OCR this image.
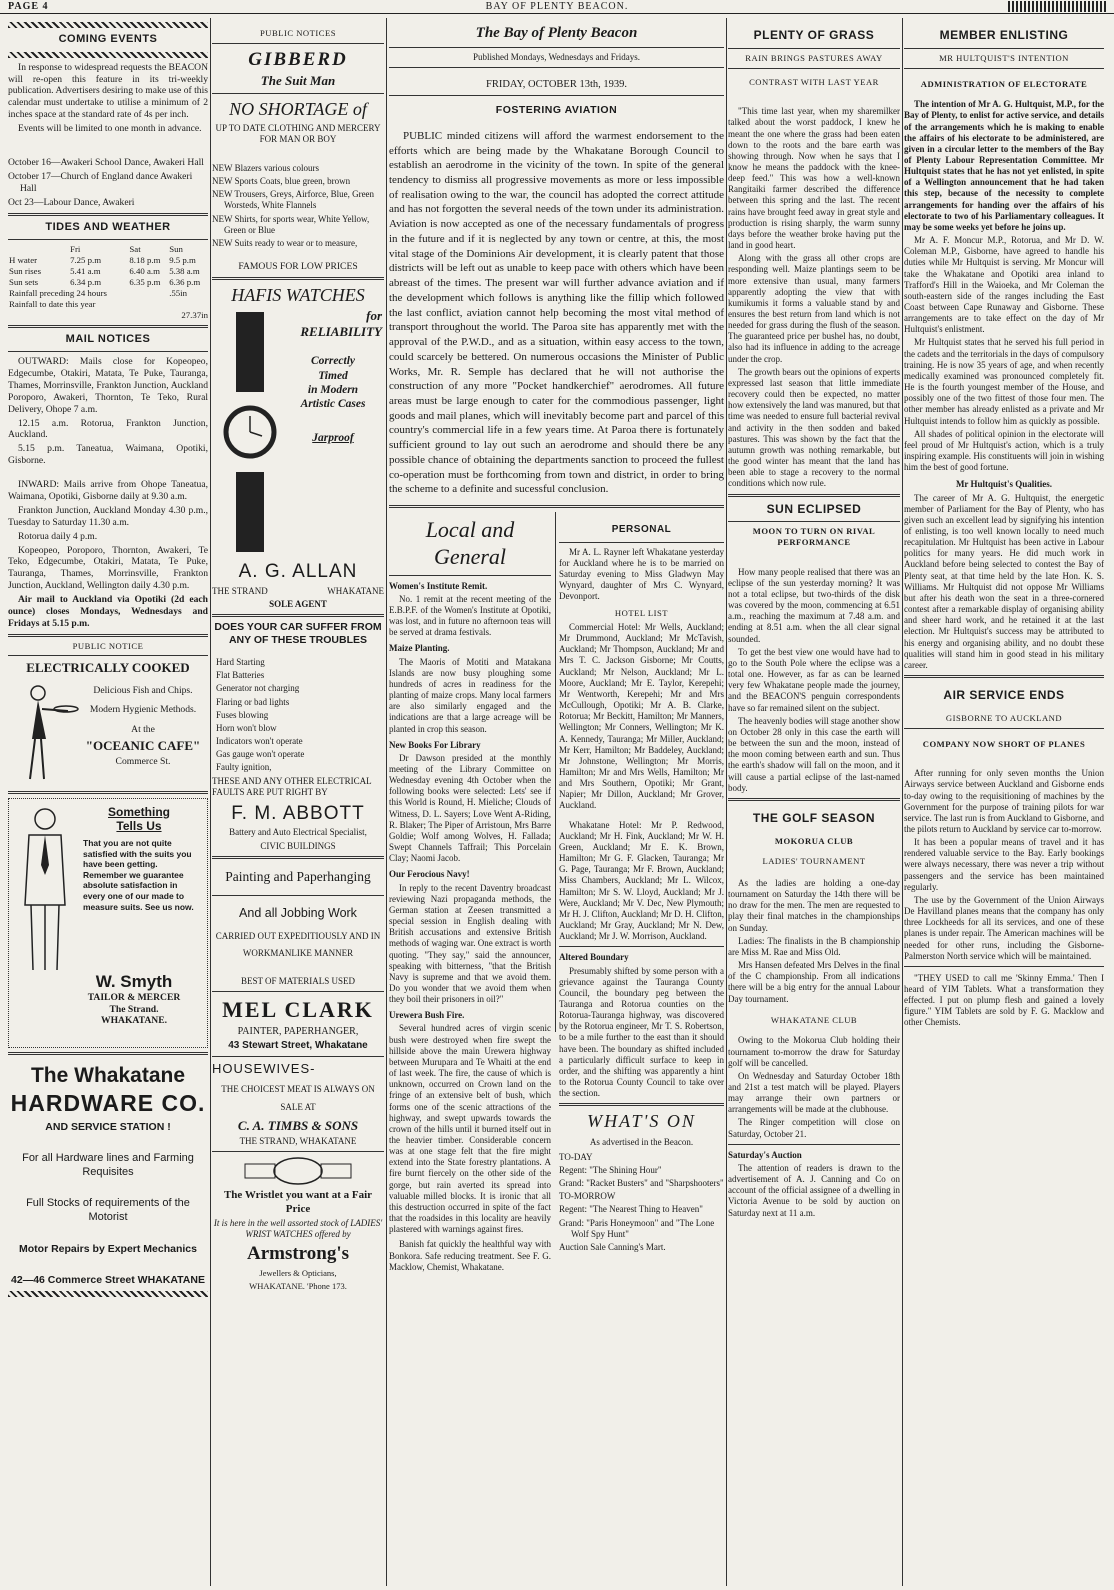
PAGE 4	BAY OF PLENTY BEACON.
COMING EVENTS
In response to widespread requests the BEACON will re-open this feature in its tri-weekly publication. Advertisers desiring to make use of this calendar must undertake to utilise a minimum of 2 inches space at the standard rate of 4s per inch.
Events will be limited to one month in advance.
October 16—Awakeri School Dance, Awakeri Hall
October 17—Church of England dance Awakeri Hall
Oct 23—Labour Dance, Awakeri
TIDES AND WEATHER
	Fri	Sat	Sun
H water	7.25 p.m	8.18 p.m	9.5 p.m
Sun rises	5.41 a.m	6.40 a.m	5.38 a.m
Sun sets	6.34 p.m	6.35 p.m	6.36 p.m
Rainfall preceding 24 hours			.55in
Rainfall to date this year			
27.37in
MAIL NOTICES
OUTWARD: Mails close for Kopeopeo, Edgecumbe, Otakiri, Matata, Te Puke, Tauranga, Thames, Morrinsville, Frankton Junction, Auckland Poroporo, Awakeri, Thornton, Te Teko, Rural Delivery, Ohope 7 a.m.
12.15 a.m. Rotorua, Frankton Junction, Auckland.
5.15 p.m. Taneatua, Waimana, Opotiki, Gisborne.
INWARD: Mails arrive from Ohope Taneatua, Waimana, Opotiki, Gisborne daily at 9.30 a.m.
Frankton Junction, Auckland Monday 4.30 p.m., Tuesday to Saturday 11.30 a.m.
Rotorua daily 4 p.m.
Kopeopeo, Poroporo, Thornton, Awakeri, Te Teko, Edgecumbe, Otakiri, Matata, Te Puke, Tauranga, Thames, Morrinsville, Frankton Junction, Auckland, Wellington daily 4.30 p.m.
Air mail to Auckland via Opotiki (2d each ounce) closes Mondays, Wednesdays and Fridays at 5.15 p.m.
PUBLIC NOTICE
ELECTRICALLY COOKED
Delicious Fish and Chips.
Modern Hygienic Methods.
At the
"OCEANIC CAFE"
Commerce St.
Something
Tells Us
That you are not quite satisfied with the suits you have been getting. Remember we guarantee absolute satisfaction in every one of our made to measure suits. See us now.
W. Smyth
TAILOR & MERCER
The Strand.
WHAKATANE.
The Whakatane
HARDWARE CO.
AND SERVICE STATION !
For all Hardware lines and Farming Requisites
Full Stocks of requirements of the Motorist
Motor Repairs by Expert Mechanics
42—46 Commerce Street WHAKATANE
PUBLIC NOTICES
GIBBERD
The Suit Man
NO SHORTAGE of
UP TO DATE CLOTHING AND MERCERY FOR MAN OR BOY
NEW Blazers various colours
NEW Sports Coats, blue green, brown
NEW Trousers, Greys, Airforce, Blue, Green Worsteds, White Flannels
NEW Shirts, for sports wear, White Yellow, Green or Blue
NEW Suits ready to wear or to measure,
FAMOUS FOR LOW PRICES
HAFIS WATCHES
for
RELIABILITY
Correctly
Timed
in Modern
Artistic Cases
Jarproof
A. G. ALLAN
THE STRAND	WHAKATANE
SOLE AGENT
DOES YOUR CAR SUFFER FROM ANY OF THESE TROUBLES
Hard Starting
Flat Batteries
Generator not charging
Flaring or bad lights
Fuses blowing
Horn won't blow
Indicators won't operate
Gas gauge won't operate
Faulty ignition,
THESE AND ANY OTHER ELECTRICAL FAULTS ARE PUT RIGHT BY
F. M. ABBOTT
Battery and Auto Electrical Specialist,
CIVIC BUILDINGS
Painting and Paperhanging
And all Jobbing Work
CARRIED OUT EXPEDITIOUSLY AND IN WORKMANLIKE MANNER
BEST OF MATERIALS USED
MEL CLARK
PAINTER, PAPERHANGER,
43 Stewart Street, Whakatane
HOUSEWIVES-
THE CHOICEST MEAT IS ALWAYS ON SALE AT
C. A. TIMBS & SONS
THE STRAND, WHAKATANE
The Wristlet you want at a Fair Price
It is here in the well assorted stock of LADIES' WRIST WATCHES offered by
Armstrong's
Jewellers & Opticians,
WHAKATANE. 'Phone 173.
The Bay of Plenty Beacon
Published Mondays, Wednesdays and Fridays.
FRIDAY, OCTOBER 13th, 1939.
FOSTERING AVIATION
PUBLIC minded citizens will afford the warmest endorsement to the efforts which are being made by the Whakatane Borough Council to establish an aerodrome in the vicinity of the town. In spite of the general tendency to dismiss all progressive movements as more or less impossible of realisation owing to the war, the council has adopted the correct attitude and has not forgotten the several needs of the town under its administration. Aviation is now accepted as one of the necessary fundamentals of progress in the future and if it is neglected by any town or centre, at this, the most vital stage of the Dominions Air development, it is clearly patent that those districts will be left out as unable to keep pace with others which have been abreast of the times. The present war will further advance aviation and if the development which follows is anything like the fillip which followed the last conflict, aviation cannot help becoming the most vital method of transport throughout the world. The Paroa site has apparently met with the approval of the P.W.D., and as a situation, within easy access to the town, could scarcely be bettered. On numerous occasions the Minister of Public Works, Mr. R. Semple has declared that he will not authorise the construction of any more "Pocket handkerchief" aerodromes. All future areas must be large enough to cater for the commodious passenger, light goods and mail planes, which will inevitably become part and parcel of this country's commercial life in a few years time. At Paroa there is fortunately sufficient ground to lay out such an aerodrome and should there be any possible chance of obtaining the departments sanction to proceed the fullest co-operation must be forthcoming from town and district, in order to bring the scheme to a definite and sucessful conclusion.
Local and General
Women's Institute Remit.
No. 1 remit at the recent meeting of the E.B.P.F. of the Women's Institute at Opotiki, was lost, and in future no afternoon teas will be served at drama festivals.
Maize Planting.
The Maoris of Motiti and Matakana Islands are now busy ploughing some hundreds of acres in readiness for the planting of maize crops. Many local farmers are also similarly engaged and the indications are that a large acreage will be planted in crop this season.
New Books For Library
Dr Dawson presided at the monthly meeting of the Library Committee on Wednesday evening 4th October when the following books were selected: Lets' see if this World is Round, H. Mieliche; Clouds of Witness, D. L. Sayers; Love Went A-Riding, R. Blaker; The Piper of Arristoun, Mrs Barre Goldie; Wolf among Wolves, H. Fallada; Swept Channels Taffrail; This Porcelain Clay; Naomi Jacob.
Our Ferocious Navy!
In reply to the recent Daventry broadcast reviewing Nazi propaganda methods, the German station at Zeesen transmitted a special session in English dealing with British accusations and extensive British methods of waging war. One extract is worth quoting. "They say," said the announcer, speaking with bitterness, "that the British Navy is supreme and that we avoid them. Do you wonder that we avoid them when they boil their prisoners in oil?"
Urewera Bush Fire.
Several hundred acres of virgin scenic bush were destroyed when fire swept the hillside above the main Urewera highway between Murupara and Te Whaiti at the end of last week. The fire, the cause of which is unknown, occurred on Crown land on the fringe of an extensive belt of bush, which forms one of the scenic attractions of the highway, and swept upwards towards the crown of the hills until it burned itself out in the heavier timber. Considerable concern was at one stage felt that the fire might extend into the State forestry plantations. A fire burnt fiercely on the other side of the gorge, but rain averted its spread into valuable milled blocks. It is ironic that all this destruction occurred in spite of the fact that the roadsides in this locality are heavily plastered with warnings against fires.
Banish fat quickly the healthful way with Bonkora. Safe reducing treatment. See F. G. Macklow, Chemist, Whakatane.
PERSONAL
Mr A. L. Rayner left Whakatane yesterday for Auckland where he is to be married on Saturday evening to Miss Gladwyn May Wynyard, daughter of Mrs C. Wynyard, Devonport.
HOTEL LIST
Commercial Hotel: Mr Wells, Auckland; Mr Drummond, Auckland; Mr McTavish, Auckland; Mr Thompson, Auckland; Mr and Mrs T. C. Jackson Gisborne; Mr Coutts, Auckland; Mr Nelson, Auckland; Mr L. Moore, Auckland; Mr E. Taylor, Kerepehi; Mr Wentworth, Kerepehi; Mr and Mrs McCullough, Opotiki; Mr A. B. Clarke, Rotorua; Mr Beckitt, Hamilton; Mr Manners, Wellington; Mr Conners, Wellington; Mr K. A. Kennedy, Tauranga; Mr Miller, Auckland; Mr Kerr, Hamilton; Mr Baddeley, Auckland; Mr Johnstone, Wellington; Mr Morris, Hamilton; Mr and Mrs Wells, Hamilton; Mr and Mrs Southern, Opotiki; Mr Grant, Napier; Mr Dillon, Auckland; Mr Grover, Auckland.
Whakatane Hotel: Mr P. Redwood, Auckland; Mr H. Fink, Auckland; Mr W. H. Green, Auckland; Mr E. K. Brown, Hamilton; Mr G. F. Glacken, Tauranga; Mr G. Page, Tauranga; Mr F. Brown, Auckland; Miss Chambers, Auckland; Mr L. Wilcox, Hamilton; Mr S. W. Lloyd, Auckland; Mr J. Were, Auckland; Mr V. Dec, New Plymouth; Mr H. J. Clifton, Auckland; Mr D. H. Clifton, Auckland; Mr Gray, Auckland; Mr N. Dew, Auckland; Mr J. W. Morrison, Auckland.
Altered Boundary
Presumably shifted by some person with a grievance against the Tauranga County Council, the boundary peg between the Tauranga and Rotorua counties on the Rotorua-Tauranga highway, was discovered by the Rotorua engineer, Mr T. S. Robertson, to be a mile further to the east than it should have been. The boundary as shifted included a particularly difficult surface to keep in order, and the shifting was apparently a hint to the Rotorua County Council to take over the section.
WHAT'S ON
As advertised in the Beacon.
TO-DAY
Regent: "The Shining Hour"
Grand: "Racket Busters" and "Sharpshooters"
TO-MORROW
Regent: "The Nearest Thing to Heaven"
Grand: "Paris Honeymoon" and "The Lone Wolf Spy Hunt"
Auction Sale Canning's Mart.
PLENTY OF GRASS
RAIN BRINGS PASTURES AWAY
CONTRAST WITH LAST YEAR
"This time last year, when my sharemilker talked about the worst paddock, I knew he meant the one where the grass had been eaten down to the roots and the bare earth was showing through. Now when he says that I know he means the paddock with the knee-deep feed." This was how a well-known Rangitaiki farmer described the difference between this spring and the last. The recent rains have brought feed away in great style and production is rising sharply, the warm sunny days before the weather broke having put the land in good heart.
Along with the grass all other crops are responding well. Maize plantings seem to be more extensive than usual, many farmers apparently adopting the view that with kumikumis it forms a valuable stand by and ensures the best return from land which is not needed for grass during the flush of the season. The guaranteed price per bushel has, no doubt, also had its influence in adding to the acreage under the crop.
The growth bears out the opinions of experts expressed last season that little immediate recovery could then be expected, no matter how extensively the land was manured, but that time was needed to ensure full bacterial revival and activity in the then sodden and baked pastures. This was shown by the fact that the autumn growth was nothing remarkable, but the good winter has meant that the land has been able to stage a recovery to the normal conditions which now rule.
SUN ECLIPSED
MOON TO TURN ON RIVAL PERFORMANCE
How many people realised that there was an eclipse of the sun yesterday morning? It was not a total eclipse, but two-thirds of the disk was covered by the moon, commencing at 6.51 a.m., reaching the maximum at 7.48 a.m. and ending at 8.51 a.m. when the all clear signal sounded.
To get the best view one would have had to go to the South Pole where the eclipse was a total one. However, as far as can be learned very few Whakatane people made the journey, and the BEACON'S penguin correspondents have so far remained silent on the subject.
The heavenly bodies will stage another show on October 28 only in this case the earth will be between the sun and the moon, instead of the moon coming between earth and sun. Thus the earth's shadow will fall on the moon, and it will cause a partial eclipse of the last-named body.
THE GOLF SEASON
MOKORUA CLUB
LADIES' TOURNAMENT
As the ladies are holding a one-day tournament on Saturday the 14th there will be no draw for the men. The men are requested to play their final matches in the championships on Sunday.
Ladies: The finalists in the B championship are Miss M. Rae and Miss Old.
Mrs Hansen defeated Mrs Delves in the final of the C championship. From all indications there will be a big entry for the annual Labour Day tournament.
WHAKATANE CLUB
Owing to the Mokorua Club holding their tournament to-morrow the draw for Saturday golf will be cancelled.
On Wednesday and Saturday October 18th and 21st a test match will be played. Players may arrange their own partners or arrangements will be made at the clubhouse.
The Ringer competition will close on Saturday, October 21.
Saturday's Auction
The attention of readers is drawn to the advertisement of A. J. Canning and Co on account of the official assignee of a dwelling in Victoria Avenue to be sold by auction on Saturday next at 11 a.m.
MEMBER ENLISTING
MR HULTQUIST'S INTENTION
ADMINISTRATION OF ELECTORATE
The intention of Mr A. G. Hultquist, M.P., for the Bay of Plenty, to enlist for active service, and details of the arrangements which he is making to enable the affairs of his electorate to be administered, are given in a circular letter to the members of the Bay of Plenty Labour Representation Committee. Mr Hultquist states that he has not yet enlisted, in spite of a Wellington announcement that he had taken this step, because of the necessity to complete arrangements for handing over the affairs of his electorate to two of his Parliamentary colleagues. It may be some weeks yet before he joins up.
Mr A. F. Moncur M.P., Rotorua, and Mr D. W. Coleman M.P., Gisborne, have agreed to handle his duties while Mr Hultquist is serving. Mr Moncur will take the Whakatane and Opotiki area inland to Trafford's Hill in the Waioeka, and Mr Coleman the south-eastern side of the ranges including the East Coast between Cape Runaway and Gisborne. These arrangements are to take effect on the day of Mr Hultquist's enlistment.
Mr Hultquist states that he served his full period in the cadets and the territorials in the days of compulsory training. He is now 35 years of age, and when recently medically examined was pronounced completely fit. He is the fourth youngest member of the House, and possibly one of the two fittest of those four men. The other member has already enlisted as a private and Mr Hultquist intends to follow him as quickly as possible.
All shades of political opinion in the electorate will feel proud of Mr Hultquist's action, which is a truly inspiring example. His constituents will join in wishing him the best of good fortune.
Mr Hultquist's Qualities.
The career of Mr A. G. Hultquist, the energetic member of Parliament for the Bay of Plenty, who has given such an excellent lead by signifying his intention of enlisting, is too well known locally to need much recapitulation. Mr Hultquist has been active in Labour politics for many years. He did much work in Auckland before being selected to contest the Bay of Plenty seat, at that time held by the late Hon. K. S. Williams. Mr Hultquist did not oppose Mr Williams but after his death won the seat in a three-cornered contest after a remarkable display of organising ability and sheer hard work, and he retained it at the last election. Mr Hultquist's success may be attributed to his energy and organising ability, and no doubt these qualities will stand him in good stead in his military career.
AIR SERVICE ENDS
GISBORNE TO AUCKLAND
COMPANY NOW SHORT OF PLANES
After running for only seven months the Union Airways service between Auckland and Gisborne ends to-day owing to the requisitioning of machines by the Government for the purpose of training pilots for war service. The last run is from Auckland to Gisborne, and the pilots return to Auckland by service car to-morrow.
It has been a popular means of travel and it has rendered valuable service to the Bay. Early bookings were always necessary, there was never a trip without passengers and the service has been maintained regularly.
The use by the Government of the Union Airways De Havilland planes means that the company has only three Lockheeds for all its services, and one of these planes is under repair. The American machines will be needed for other runs, including the Gisborne-Palmerston North service which will be maintained.
"THEY USED to call me 'Skinny Emma.' Then I heard of YIM Tablets. What a transformation they effected. I put on plump flesh and gained a lovely figure." YIM Tablets are sold by F. G. Macklow and other Chemists.
